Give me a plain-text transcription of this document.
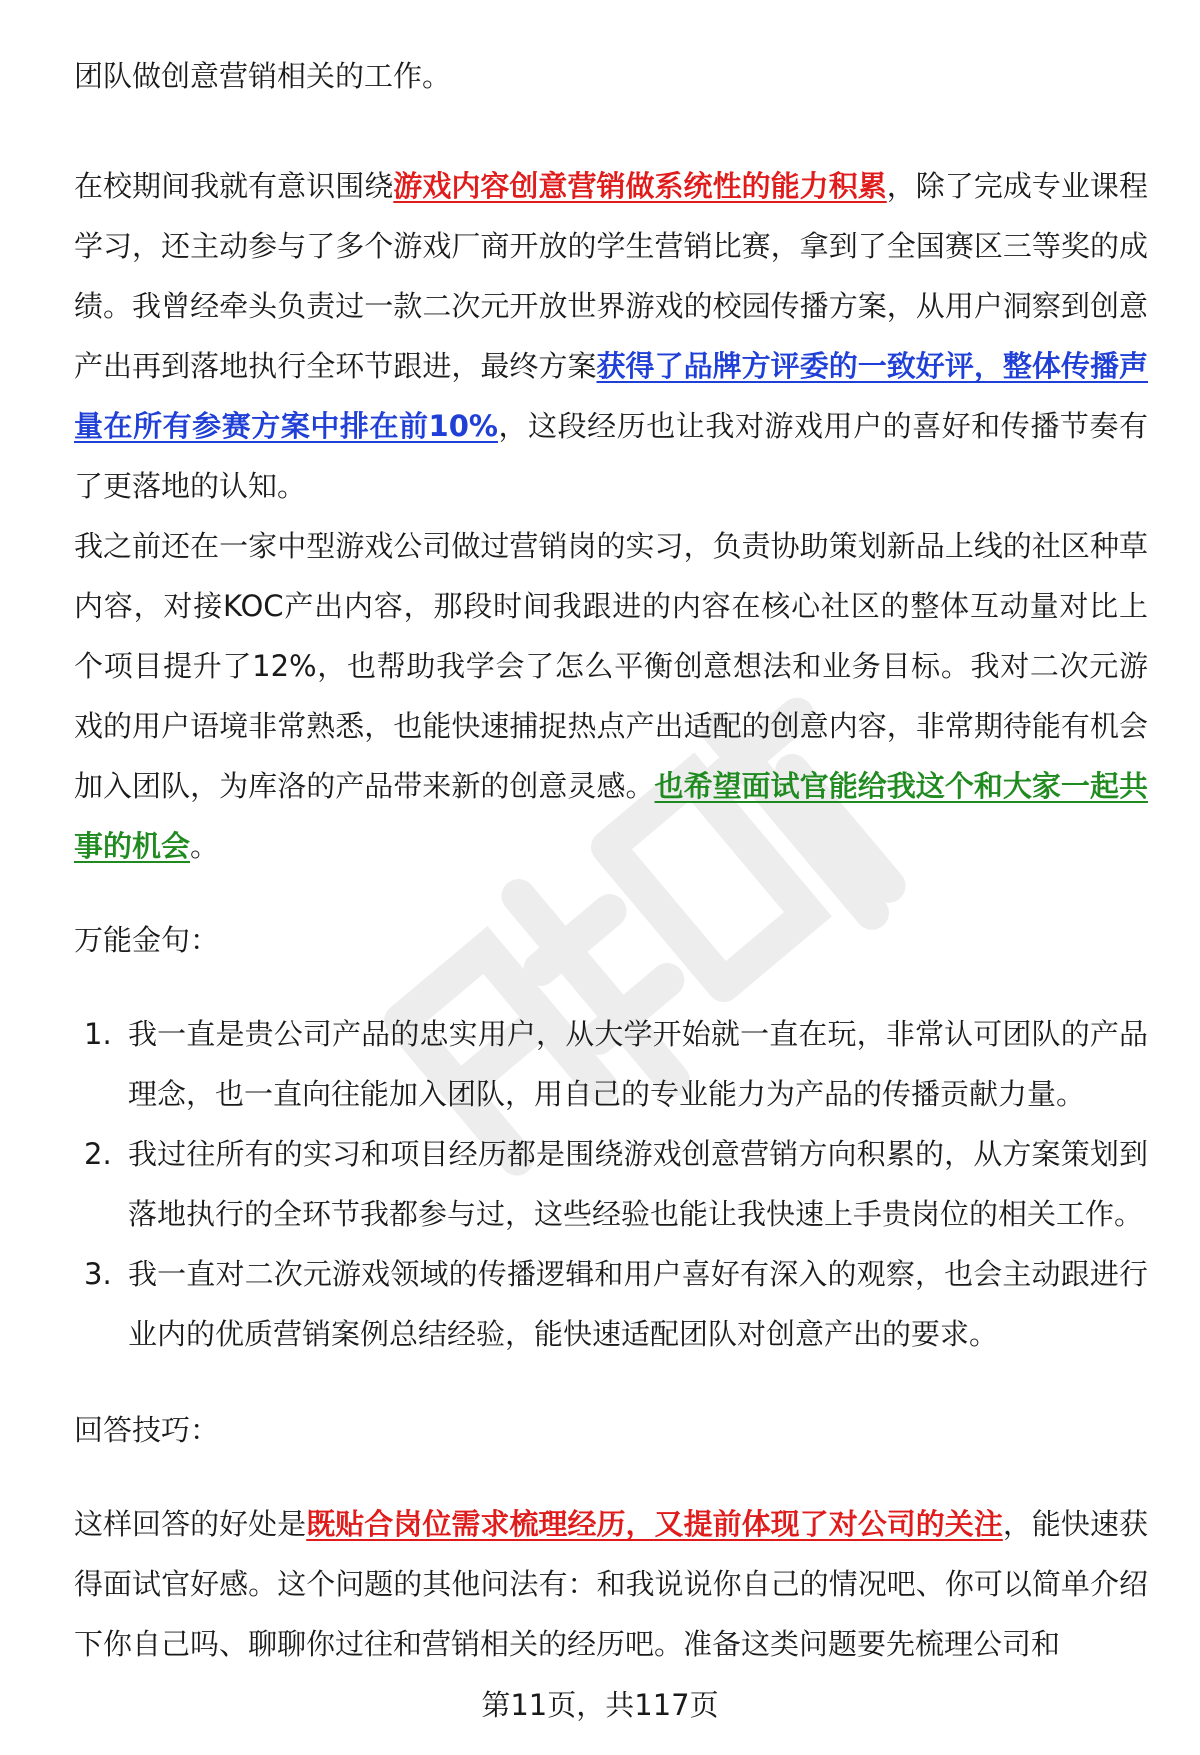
团队做创意营销相关的工作。

在校期间我就有意识围绕游戏内容创意营销做系统性的能力积累，除了完成专业课程学习，还主动参与了多个游戏厂商开放的学生营销比赛，拿到了全国赛区三等奖的成绩。我曾经牵头负责过一款二次元开放世界游戏的校园传播方案，从用户洞察到创意产出再到落地执行全环节跟进，最终方案获得了品牌方评委的一致好评，整体传播声量在所有参赛方案中排在前10%，这段经历也让我对游戏用户的喜好和传播节奏有了更落地的认知。

我之前还在一家中型游戏公司做过营销岗的实习，负责协助策划新品上线的社区种草内容，对接KOC产出内容，那段时间我跟进的内容在核心社区的整体互动量对比上个项目提升了12%，也帮助我学会了怎么平衡创意想法和业务目标。我对二次元游戏的用户语境非常熟悉，也能快速捕捉热点产出适配的创意内容，非常期待能有机会加入团队，为库洛的产品带来新的创意灵感。也希望面试官能给我这个和大家一起共事的机会。

万能金句：

1. 我一直是贵公司产品的忠实用户，从大学开始就一直在玩，非常认可团队的产品理念，也一直向往能加入团队，用自己的专业能力为产品的传播贡献力量。
2. 我过往所有的实习和项目经历都是围绕游戏创意营销方向积累的，从方案策划到落地执行的全环节我都参与过，这些经验也能让我快速上手贵岗位的相关工作。
3. 我一直对二次元游戏领域的传播逻辑和用户喜好有深入的观察，也会主动跟进行业内的优质营销案例总结经验，能快速适配团队对创意产出的要求。

回答技巧：

这样回答的好处是既贴合岗位需求梳理经历，又提前体现了对公司的关注，能快速获得面试官好感。这个问题的其他问法有：和我说说你自己的情况吧、你可以简单介绍下你自己吗、聊聊你过往和营销相关的经历吧。准备这类问题要先梳理公司和

第11页，共117页
